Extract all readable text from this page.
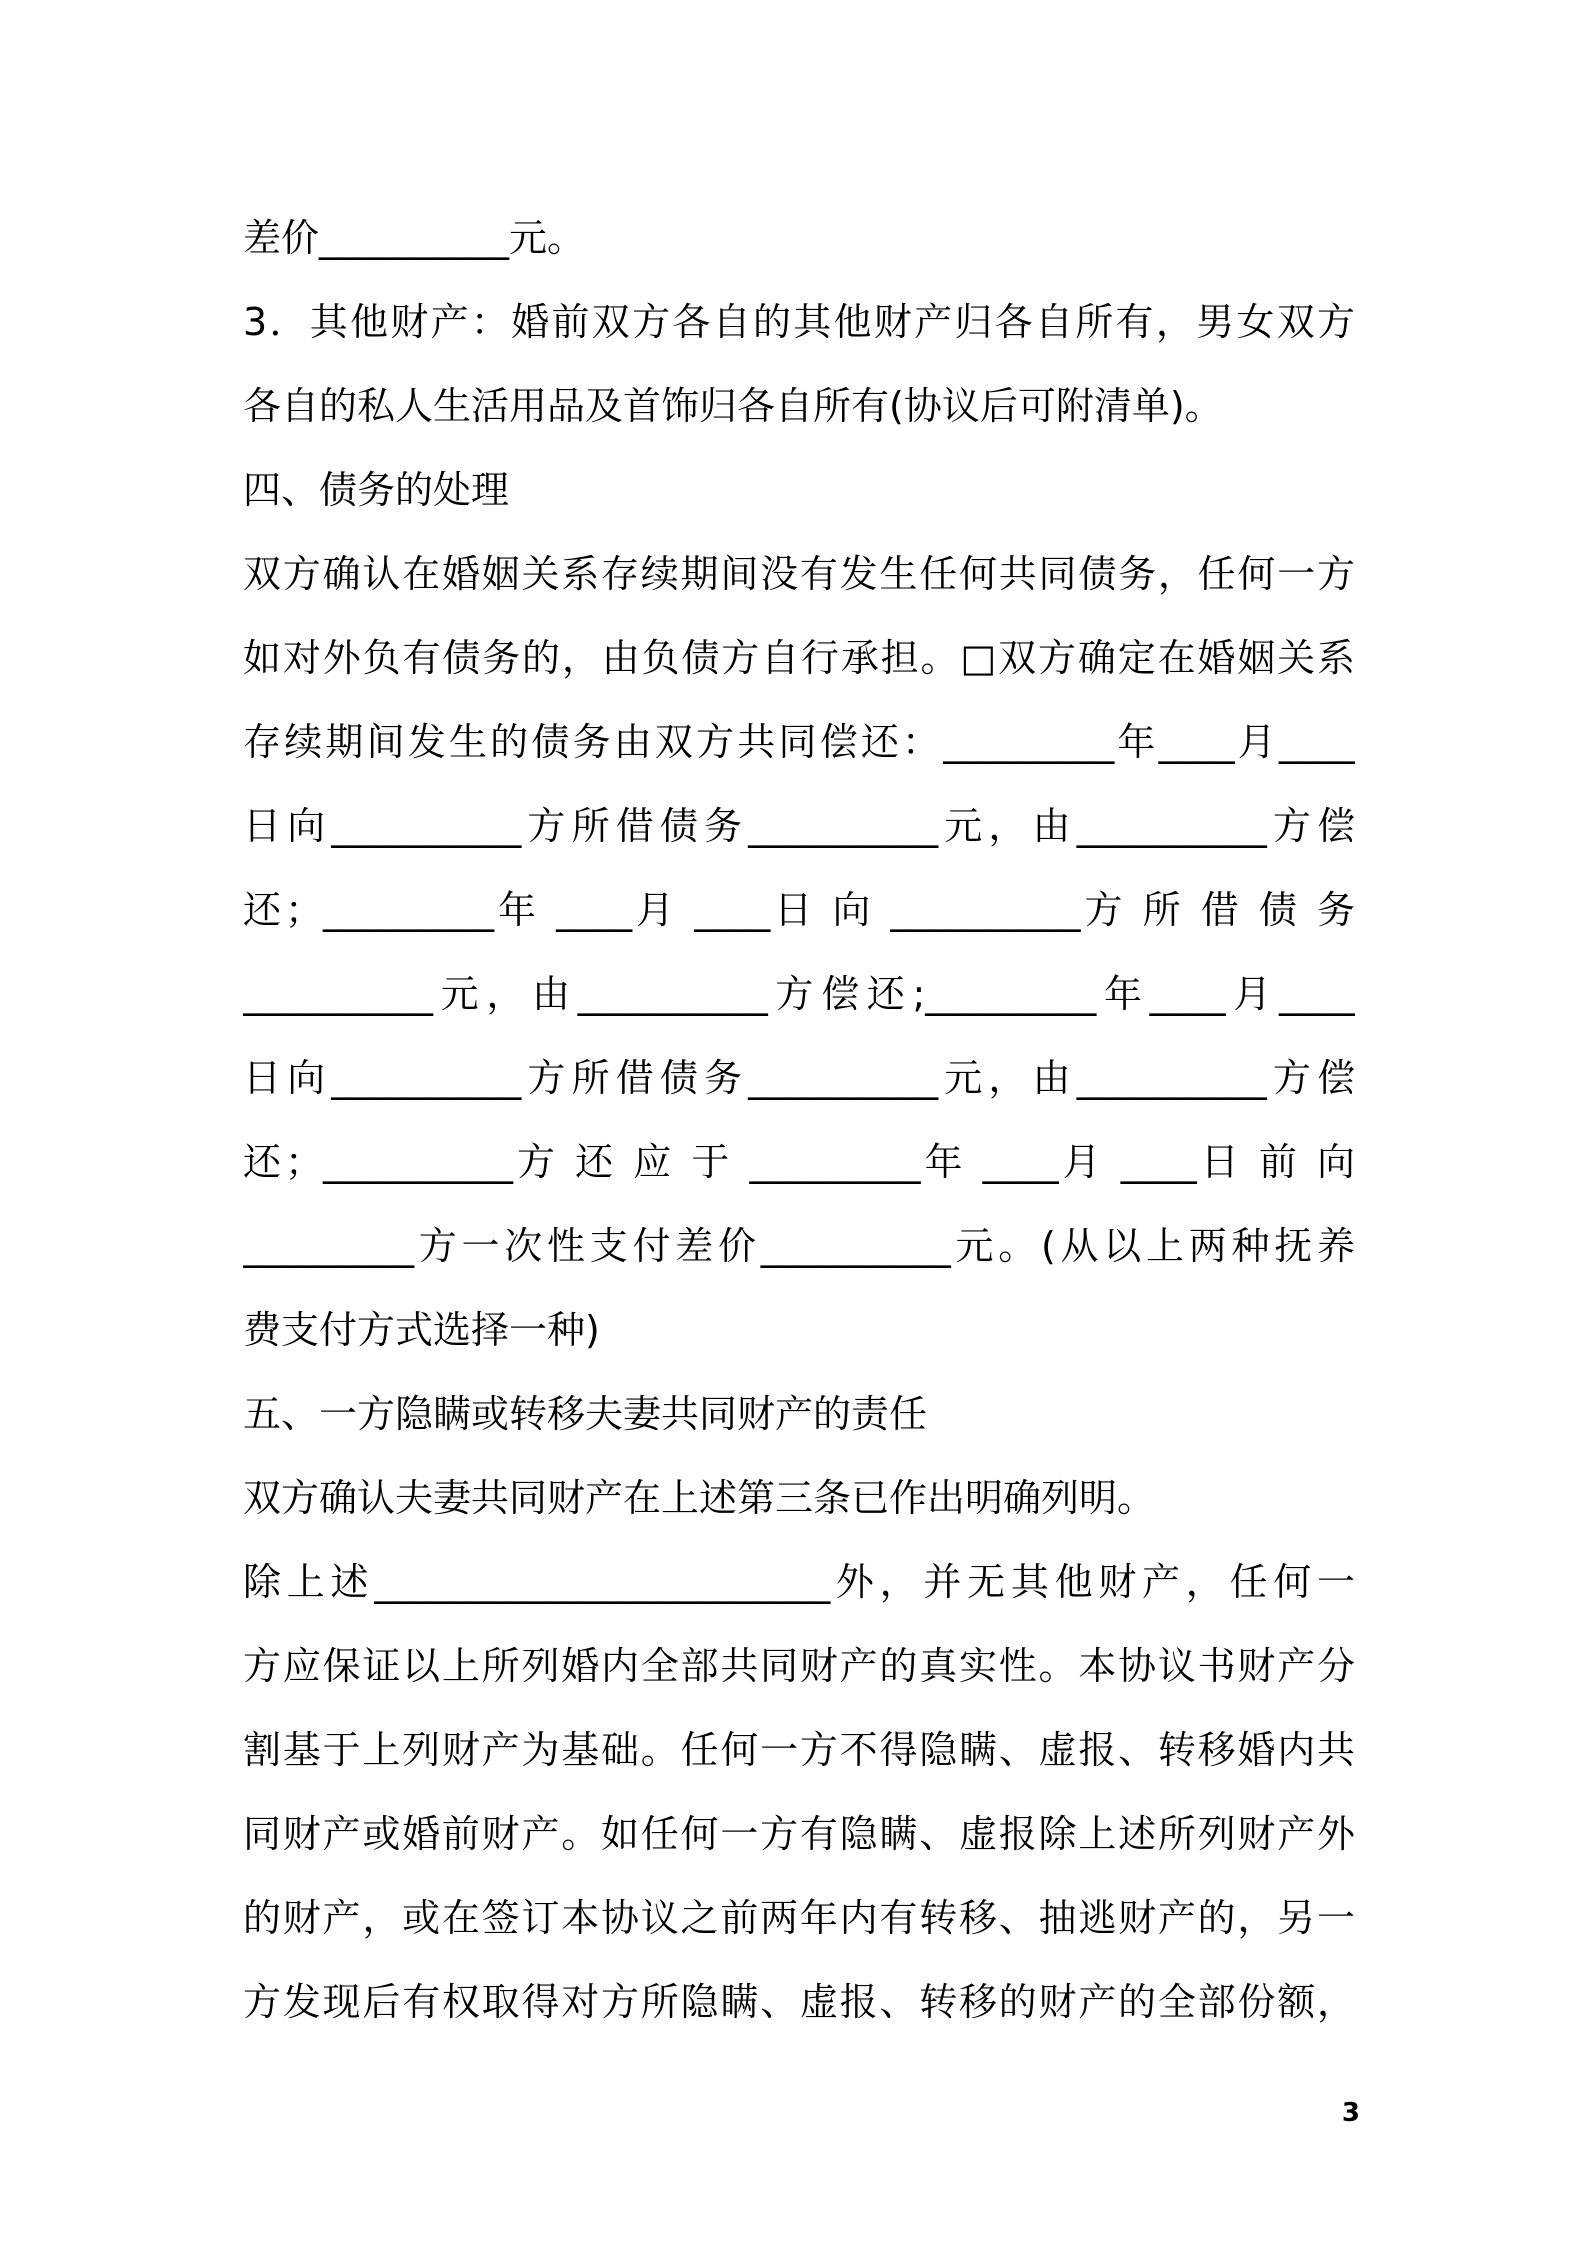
差价__________元。
3．其他财产：婚前双方各自的其他财产归各自所有，男女双方
各自的私人生活用品及首饰归各自所有(协议后可附清单)。
四、债务的处理
双方确认在婚姻关系存续期间没有发生任何共同债务，任何一方
如对外负有债务的，由负债方自行承担。□双方确定在婚姻关系
存续期间发生的债务由双方共同偿还：_________年____月____
日向__________方所借债务__________元，由__________方偿
还；_________年 ____月 ____日 向 __________方 所 借 债 务
__________元，由__________方偿还;_________年____月____
日向__________方所借债务__________元，由__________方偿
还；__________方 还 应 于 _________年 ____月 ____日 前 向
_________方一次性支付差价__________元。(从以上两种抚养
费支付方式选择一种)
五、一方隐瞒或转移夫妻共同财产的责任
双方确认夫妻共同财产在上述第三条已作出明确列明。
除上述________________________外，并无其他财产，任何一
方应保证以上所列婚内全部共同财产的真实性。本协议书财产分
割基于上列财产为基础。任何一方不得隐瞒、虚报、转移婚内共
同财产或婚前财产。如任何一方有隐瞒、虚报除上述所列财产外
的财产，或在签订本协议之前两年内有转移、抽逃财产的，另一
方发现后有权取得对方所隐瞒、虚报、转移的财产的全部份额，
3
